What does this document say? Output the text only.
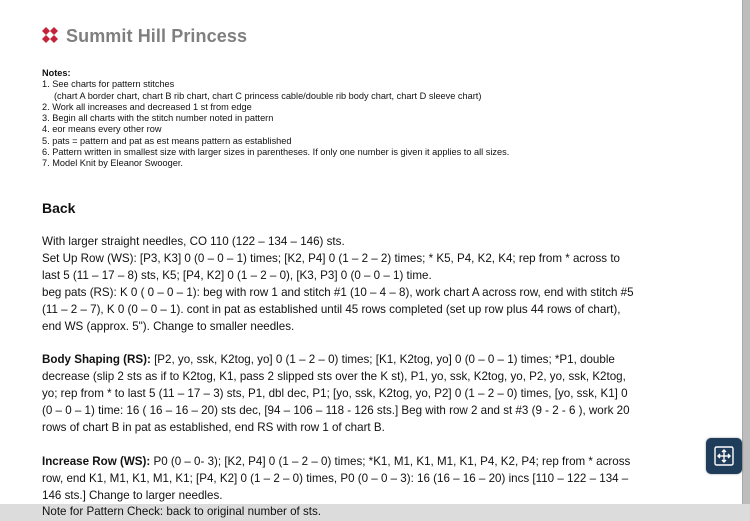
Summit Hill Princess
Notes:
1. See charts for pattern stitches
(chart A border chart, chart B rib chart, chart C princess cable/double rib body chart, chart D sleeve chart)
2. Work all increases and decreased 1 st from edge
3. Begin all charts with the stitch number noted in pattern
4. eor means every other row
5. pats = pattern and pat as est means pattern as established
6. Pattern written in smallest size with larger sizes in parentheses. If only one number is given it applies to all sizes.
7. Model Knit by Eleanor Swooger.
Back

With larger straight needles, CO 110 (122 – 134 – 146) sts.

Set Up Row (WS): [P3, K3] 0 (0 – 0 – 1) times; [K2, P4] 0 (1 – 2 – 2) times; * K5, P4, K2, K4; rep from * across to last 5 (11 – 17 – 8) sts, K5; [P4, K2] 0 (1 – 2 – 0), [K3, P3] 0 (0 – 0 – 1) time.

beg pats (RS): K 0 ( 0 – 0 – 1): beg with row 1 and stitch #1 (10 – 4 – 8), work chart A across row, end with stitch #5 (11 – 2 – 7), K 0 (0 – 0 – 1). cont in pat as established until 45 rows completed (set up row plus 44 rows of chart), end WS (approx. 5"). Change to smaller needles.

Body Shaping (RS): [P2, yo, ssk, K2tog, yo] 0 (1 – 2 – 0) times; [K1, K2tog, yo] 0 (0 – 0 – 1) times; *P1, double decrease (slip 2 sts as if to K2tog, K1, pass 2 slipped sts over the K st), P1, yo, ssk, K2tog, yo, P2, yo, ssk, K2tog, yo; rep from * to last 5 (11 – 17 – 3) sts, P1, dbl dec, P1; [yo, ssk, K2tog, yo, P2] 0 (1 – 2 – 0) times, [yo, ssk, K1] 0 (0 – 0 – 1) time: 16 ( 16 – 16 – 20) sts dec, [94 – 106 – 118 - 126 sts.] Beg with row 2 and st #3 (9 - 2 - 6 ), work 20 rows of chart B in pat as established, end RS with row 1 of chart B.

Increase Row (WS): P0 (0 – 0- 3); [K2, P4] 0 (1 – 2 – 0) times; *K1, M1, K1, M1, K1, P4, K2, P4; rep from * across row, end K1, M1, K1, M1, K1; [P4, K2] 0 (1 – 2 – 0) times, P0 (0 – 0 – 3): 16 (16 – 16 – 20) incs [110 – 122 – 134 – 146 sts.] Change to larger needles.

Note for Pattern Check: back to original number of sts.
